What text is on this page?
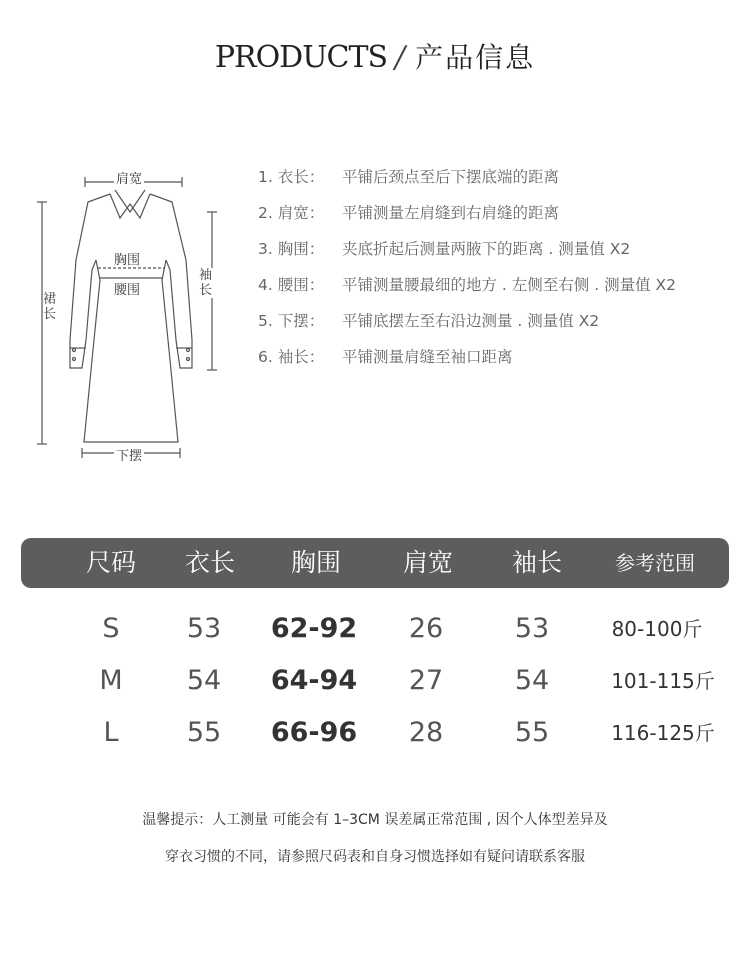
PRODUCTS / 产品信息
肩宽
胸围
腰围
袖长
裙长
下摆
1. 衣长：	平铺后颈点至后下摆底端的距离
2. 肩宽：	平铺测量左肩缝到右肩缝的距离
3. 胸围：	夹底折起后测量两腋下的距离 . 测量值 X2
4. 腰围：	平铺测量腰最细的地方 . 左侧至右侧 . 测量值 X2
5. 下摆：	平铺底摆左至右沿边测量 . 测量值 X2
6. 袖长：	平铺测量肩缝至袖口距离
尺码 衣长 胸围 肩宽 袖长	参考范围
S 53 62-92 26	53	80-100斤
M 54 64-94 27	54	101-115斤
L	55 66-96 28	55	116-125斤
温馨提示：人工测量 可能会有 1–3CM 误差属正常范围 , 因个人体型差异及
穿衣习惯的不同，请参照尺码表和自身习惯选择如有疑问请联系客服
